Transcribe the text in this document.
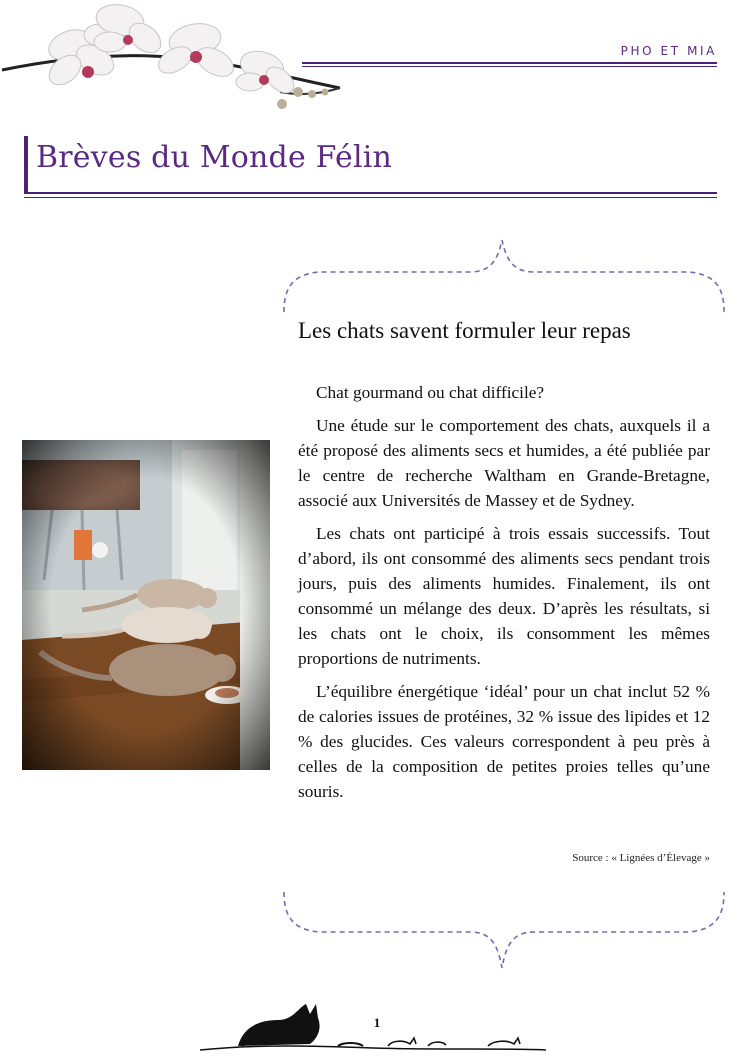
PHO ET MIA
Brèves du Monde Félin
Les chats savent formuler leur repas

Chat gourmand ou chat difficile?

Une étude sur le comportement des chats, auxquels il a été proposé des aliments secs et humides, a été publiée par le centre de recherche Waltham en Grande-Bretagne, associé aux Universités de Massey et de Sydney.

Les chats ont participé à trois essais successifs. Tout d’abord, ils ont consommé des aliments secs pendant trois jours, puis des aliments humides. Finalement, ils ont consommé un mélange des deux. D’après les résultats, si les chats ont le choix, ils consomment les mêmes proportions de nutriments.

L’équilibre énergétique ‘idéal’ pour un chat inclut 52 % de calories issues de protéines, 32 % issue des lipides et 12 % des glucides. Ces valeurs correspondent à peu près à celles de la composition de petites proies telles qu’une souris.

Source : « Lignées d’Élevage »
1
